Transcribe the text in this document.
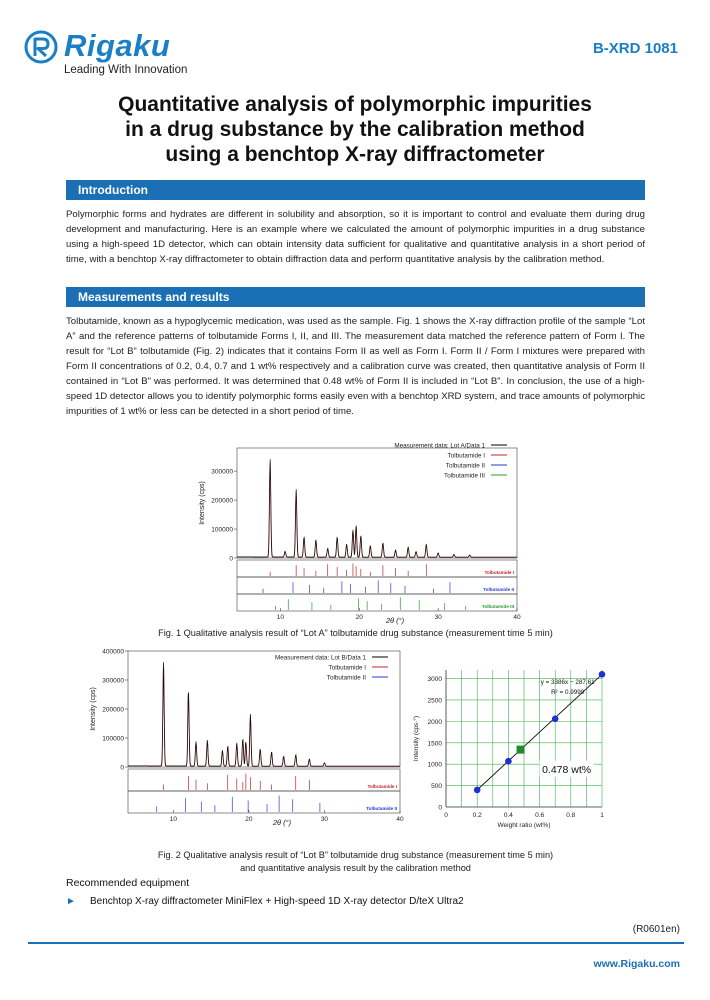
Rigaku
Leading With Innovation
B-XRD 1081
Quantitative analysis of polymorphic impurities
in a drug substance by the calibration method
using a benchtop X-ray diffractometer
Introduction
Polymorphic forms and hydrates are different in solubility and absorption, so it is important to control and evaluate them during drug development and manufacturing. Here is an example where we calculated the amount of polymorphic impurities in a drug substance using a high-speed 1D detector, which can obtain intensity data sufficient for qualitative and quantitative analysis in a short period of time, with a benchtop X-ray diffractometer to obtain diffraction data and perform quantitative analysis by the calibration method.
Measurements and results
Tolbutamide, known as a hypoglycemic medication, was used as the sample. Fig. 1 shows the X-ray diffraction profile of the sample “Lot A” and the reference patterns of tolbutamide Forms I, II, and III. The measurement data matched the reference pattern of Form I. The result for “Lot B” tolbutamide (Fig. 2) indicates that it contains Form II as well as Form I. Form II / Form I mixtures were prepared with Form II concentrations of 0.2, 0.4, 0.7 and 1 wt% respectively and a calibration curve was created, then quantitative analysis of Form II contained in “Lot B” was performed. It was determined that 0.48 wt% of Form II is included in “Lot B”. In conclusion, the use of a high-speed 1D detector allows you to identify polymorphic forms easily even with a benchtop XRD system, and trace amounts of polymorphic impurities of 1 wt% or less can be detected in a short period of time.
0
100000
200000
300000
Intensity (cps)
Measurement data: Lot A/Data 1
Tolbutamide I
Tolbutamide II
Tolbutamide III
Tolbutamide I
Tolbutamide II
Tolbutamide III
10	20	30	40
2θ (°)
Fig. 1 Qualitative analysis result of “Lot A” tolbutamide drug substance (measurement time 5 min)
0
100000
200000
300000
400000
Intensity (cps)
Measurement data: Lot B/Data 1
Tolbutamide I
Tolbutamide II
Tolbutamide I
Tolbutamide II
10	20	30	40
2θ (°)
0
500
1000
1500
2000
2500
3000
0	0.2	0.4	0.6	0.8	1
Weight ratio (wt%)
Intensity (cps·°)
y = 3386x − 287.61
R² = 0.9999
0.478 wt%
Fig. 2 Qualitative analysis result of “Lot B” tolbutamide drug substance (measurement time 5 min)
and quantitative analysis result by the calibration method
Recommended equipment
► Benchtop X-ray diffractometer MiniFlex + High-speed 1D X-ray detector D/teX Ultra2
(R0601en)
www.Rigaku.com
